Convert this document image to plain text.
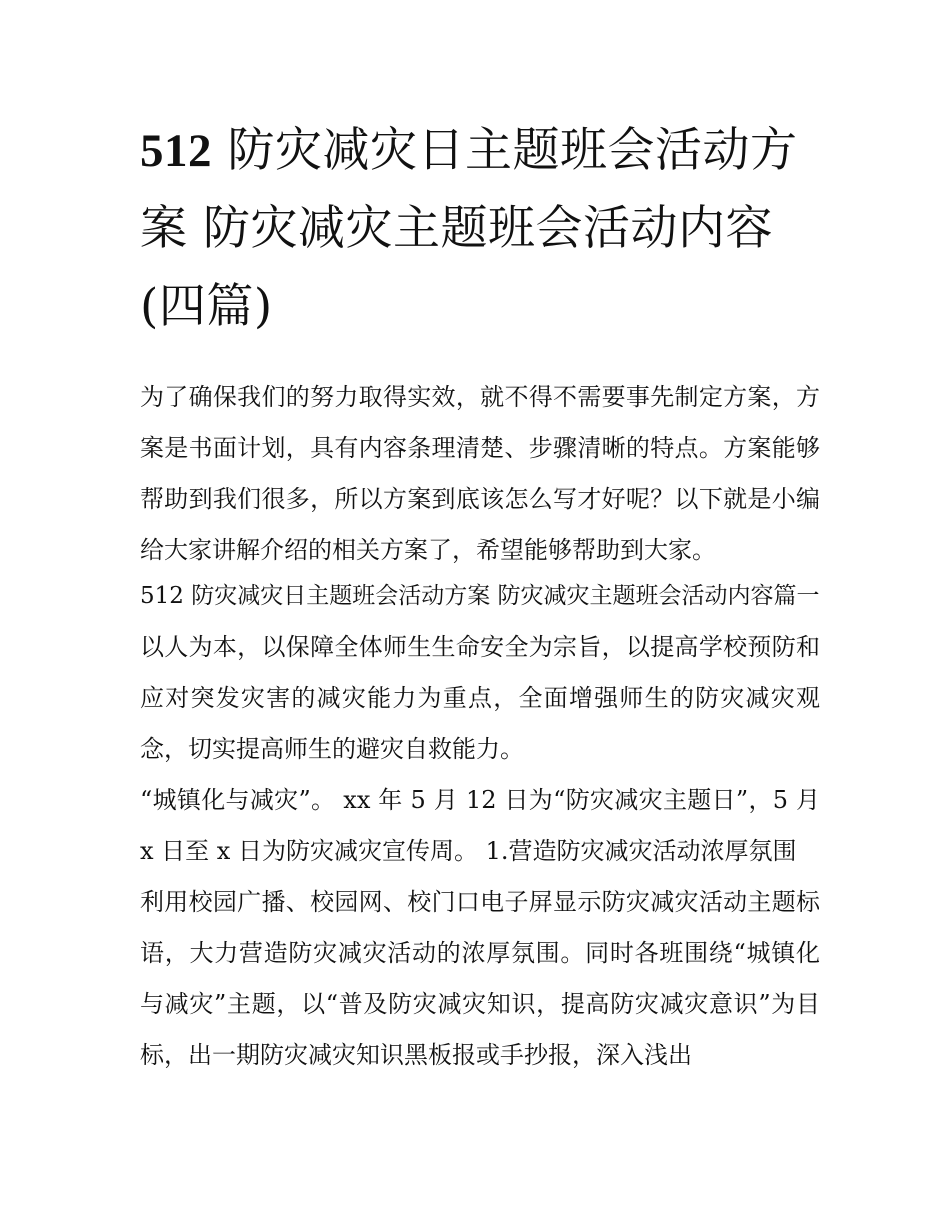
512 防灾减灾日主题班会活动方案 防灾减灾主题班会活动内容(四篇)

为了确保我们的努力取得实效，就不得不需要事先制定方案，方案是书面计划，具有内容条理清楚、步骤清晰的特点。方案能够帮助到我们很多，所以方案到底该怎么写才好呢？以下就是小编给大家讲解介绍的相关方案了，希望能够帮助到大家。

512 防灾减灾日主题班会活动方案 防灾减灾主题班会活动内容篇一

以人为本，以保障全体师生生命安全为宗旨，以提高学校预防和应对突发灾害的减灾能力为重点，全面增强师生的防灾减灾观念，切实提高师生的避灾自救能力。

“城镇化与减灾”。 xx 年 5 月 12 日为“防灾减灾主题日”，5 月 x 日至 x 日为防灾减灾宣传周。 1.营造防灾减灾活动浓厚氛围

利用校园广播、校园网、校门口电子屏显示防灾减灾活动主题标语，大力营造防灾减灾活动的浓厚氛围。同时各班围绕“城镇化与减灾”主题，以“普及防灾减灾知识，提高防灾减灾意识”为目标，出一期防灾减灾知识黑板报或手抄报，深入浅出
